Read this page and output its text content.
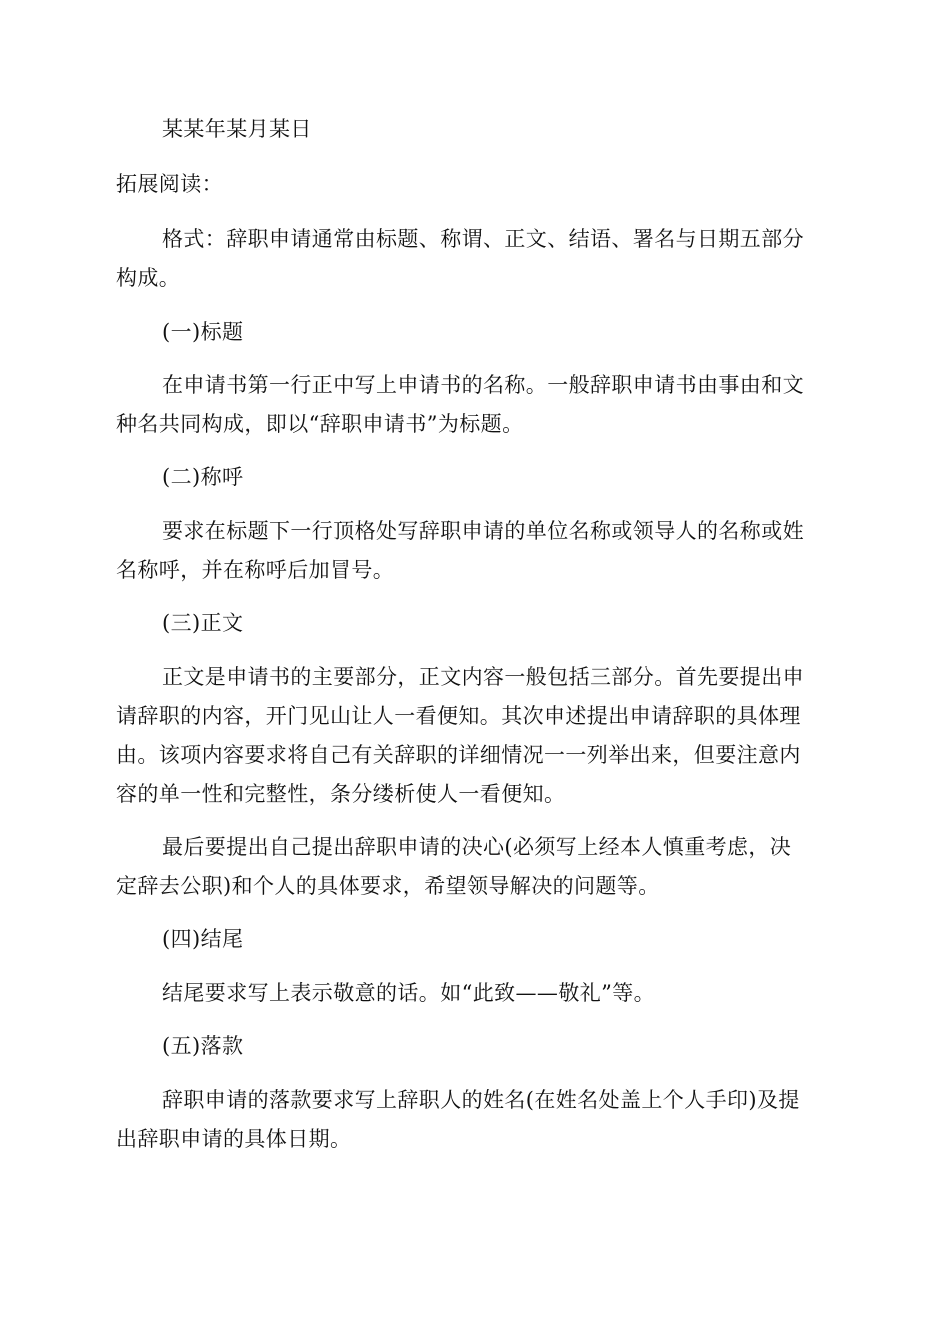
某某年某月某日
拓展阅读：
格式：辞职申请通常由标题、称谓、正文、结语、署名与日期五部分
构成。
(一)标题
在申请书第一行正中写上申请书的名称。一般辞职申请书由事由和文
种名共同构成，即以“辞职申请书”为标题。
(二)称呼
要求在标题下一行顶格处写辞职申请的单位名称或领导人的名称或姓
名称呼，并在称呼后加冒号。
(三)正文
正文是申请书的主要部分，正文内容一般包括三部分。首先要提出申
请辞职的内容，开门见山让人一看便知。其次申述提出申请辞职的具体理
由。该项内容要求将自己有关辞职的详细情况一一列举出来，但要注意内
容的单一性和完整性，条分缕析使人一看便知。
最后要提出自己提出辞职申请的决心(必须写上经本人慎重考虑，决
定辞去公职)和个人的具体要求，希望领导解决的问题等。
(四)结尾
结尾要求写上表示敬意的话。如“此致——敬礼”等。
(五)落款
辞职申请的落款要求写上辞职人的姓名(在姓名处盖上个人手印)及提
出辞职申请的具体日期。
